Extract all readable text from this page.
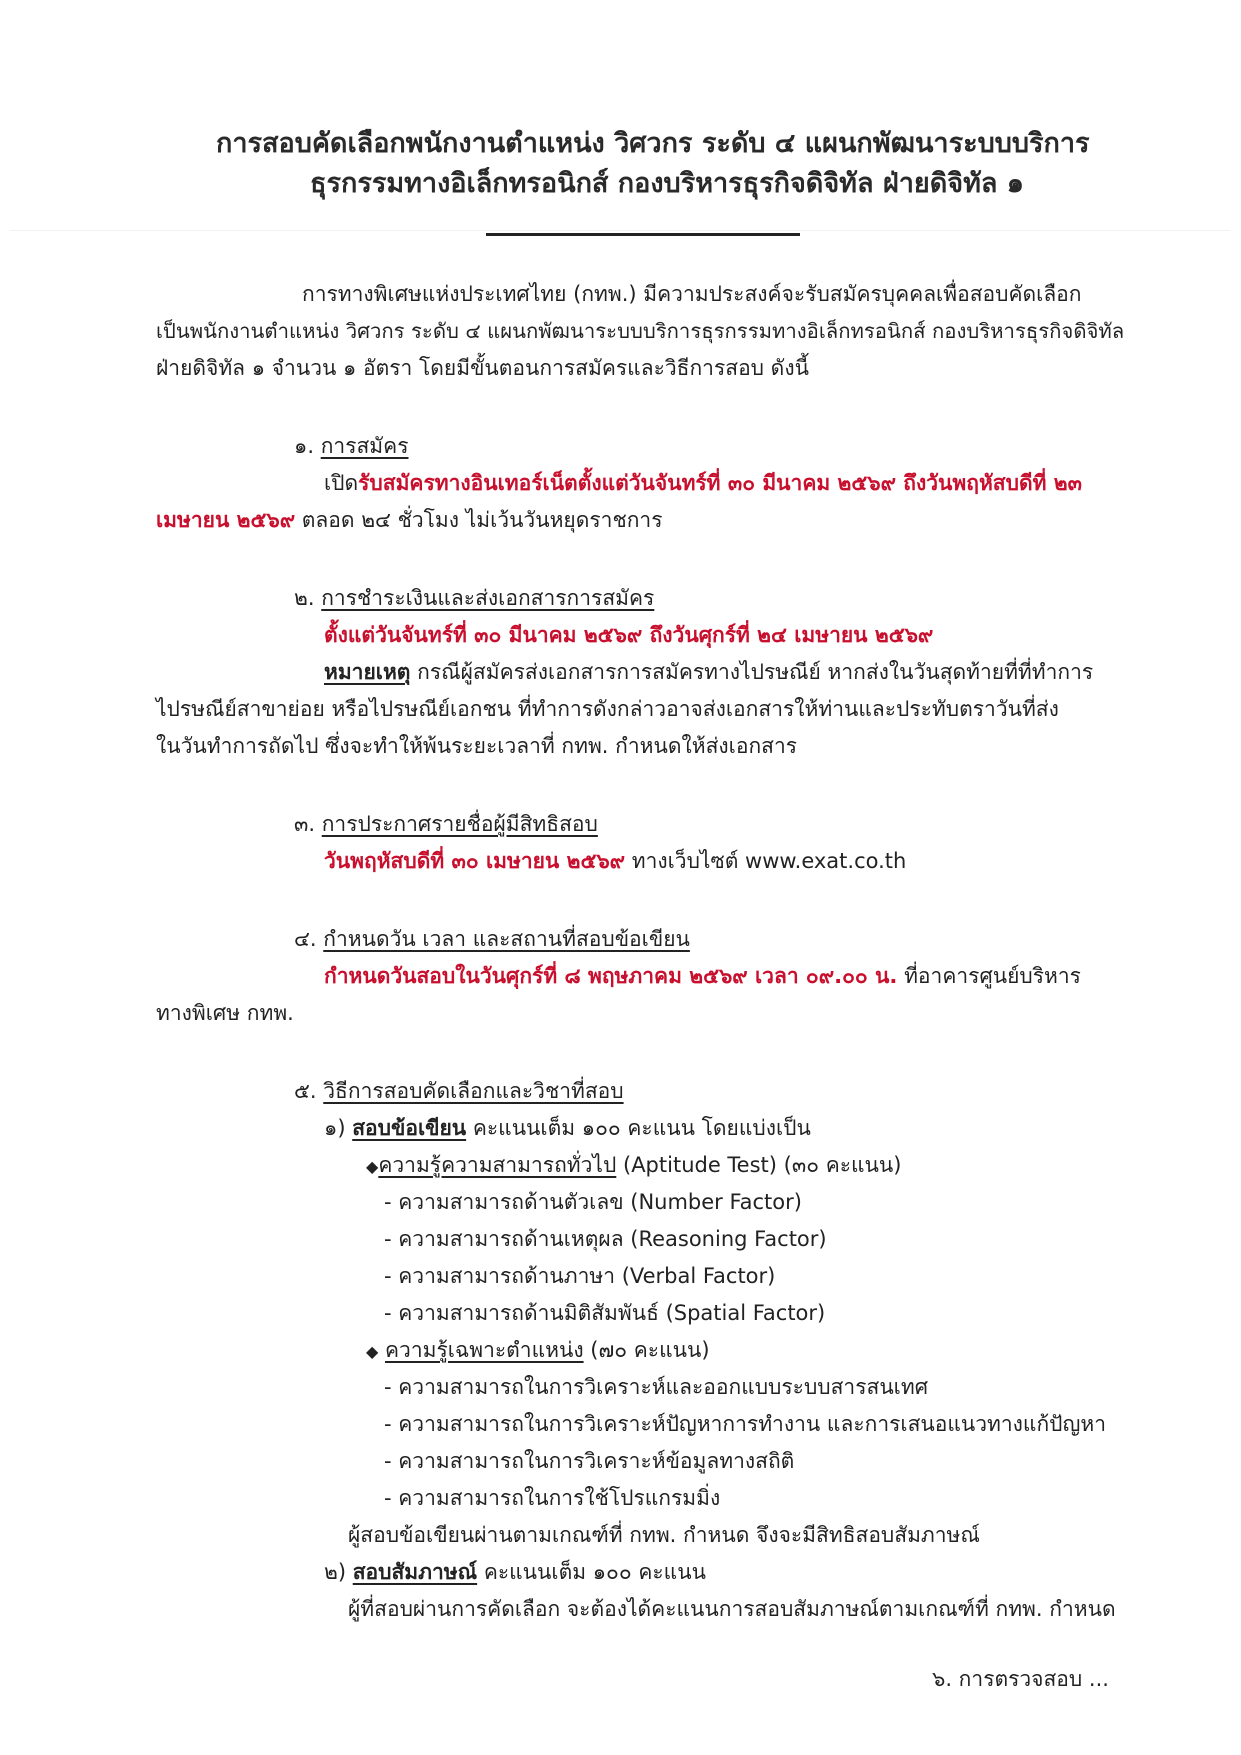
การสอบคัดเลือกพนักงานตำแหน่ง วิศวกร ระดับ ๔ แผนกพัฒนาระบบบริการ
ธุรกรรมทางอิเล็กทรอนิกส์ กองบริหารธุรกิจดิจิทัล ฝ่ายดิจิทัล ๑
การทางพิเศษแห่งประเทศไทย (กทพ.) มีความประสงค์จะรับสมัครบุคคลเพื่อสอบคัดเลือก
เป็นพนักงานตำแหน่ง วิศวกร ระดับ ๔ แผนกพัฒนาระบบบริการธุรกรรมทางอิเล็กทรอนิกส์ กองบริหารธุรกิจดิจิทัล
ฝ่ายดิจิทัล ๑ จำนวน ๑ อัตรา โดยมีขั้นตอนการสมัครและวิธีการสอบ ดังนี้
๑. การสมัคร
เปิดรับสมัครทางอินเทอร์เน็ตตั้งแต่วันจันทร์ที่ ๓๐ มีนาคม ๒๕๖๙ ถึงวันพฤหัสบดีที่ ๒๓
เมษายน ๒๕๖๙ ตลอด ๒๔ ชั่วโมง ไม่เว้นวันหยุดราชการ
๒. การชำระเงินและส่งเอกสารการสมัคร
ตั้งแต่วันจันทร์ที่ ๓๐ มีนาคม ๒๕๖๙ ถึงวันศุกร์ที่ ๒๔ เมษายน ๒๕๖๙
หมายเหตุ กรณีผู้สมัครส่งเอกสารการสมัครทางไปรษณีย์ หากส่งในวันสุดท้ายที่ที่ทำการ
ไปรษณีย์สาขาย่อย หรือไปรษณีย์เอกชน ที่ทำการดังกล่าวอาจส่งเอกสารให้ท่านและประทับตราวันที่ส่ง
ในวันทำการถัดไป ซึ่งจะทำให้พ้นระยะเวลาที่ กทพ. กำหนดให้ส่งเอกสาร
๓. การประกาศรายชื่อผู้มีสิทธิสอบ
วันพฤหัสบดีที่ ๓๐ เมษายน ๒๕๖๙ ทางเว็บไซต์ www.exat.co.th
๔. กำหนดวัน เวลา และสถานที่สอบข้อเขียน
กำหนดวันสอบในวันศุกร์ที่ ๘ พฤษภาคม ๒๕๖๙ เวลา ๐๙.๐๐ น. ที่อาคารศูนย์บริหาร
ทางพิเศษ กทพ.
๕. วิธีการสอบคัดเลือกและวิชาที่สอบ
๑) สอบข้อเขียน คะแนนเต็ม ๑๐๐ คะแนน โดยแบ่งเป็น
◆ความรู้ความสามารถทั่วไป (Aptitude Test) (๓๐ คะแนน)
- ความสามารถด้านตัวเลข (Number Factor)
- ความสามารถด้านเหตุผล (Reasoning Factor)
- ความสามารถด้านภาษา (Verbal Factor)
- ความสามารถด้านมิติสัมพันธ์ (Spatial Factor)
◆ ความรู้เฉพาะตำแหน่ง (๗๐ คะแนน)
- ความสามารถในการวิเคราะห์และออกแบบระบบสารสนเทศ
- ความสามารถในการวิเคราะห์ปัญหาการทำงาน และการเสนอแนวทางแก้ปัญหา
- ความสามารถในการวิเคราะห์ข้อมูลทางสถิติ
- ความสามารถในการใช้โปรแกรมมิ่ง
ผู้สอบข้อเขียนผ่านตามเกณฑ์ที่ กทพ. กำหนด จึงจะมีสิทธิสอบสัมภาษณ์
๒) สอบสัมภาษณ์ คะแนนเต็ม ๑๐๐ คะแนน
ผู้ที่สอบผ่านการคัดเลือก จะต้องได้คะแนนการสอบสัมภาษณ์ตามเกณฑ์ที่ กทพ. กำหนด
๖. การตรวจสอบ ...
